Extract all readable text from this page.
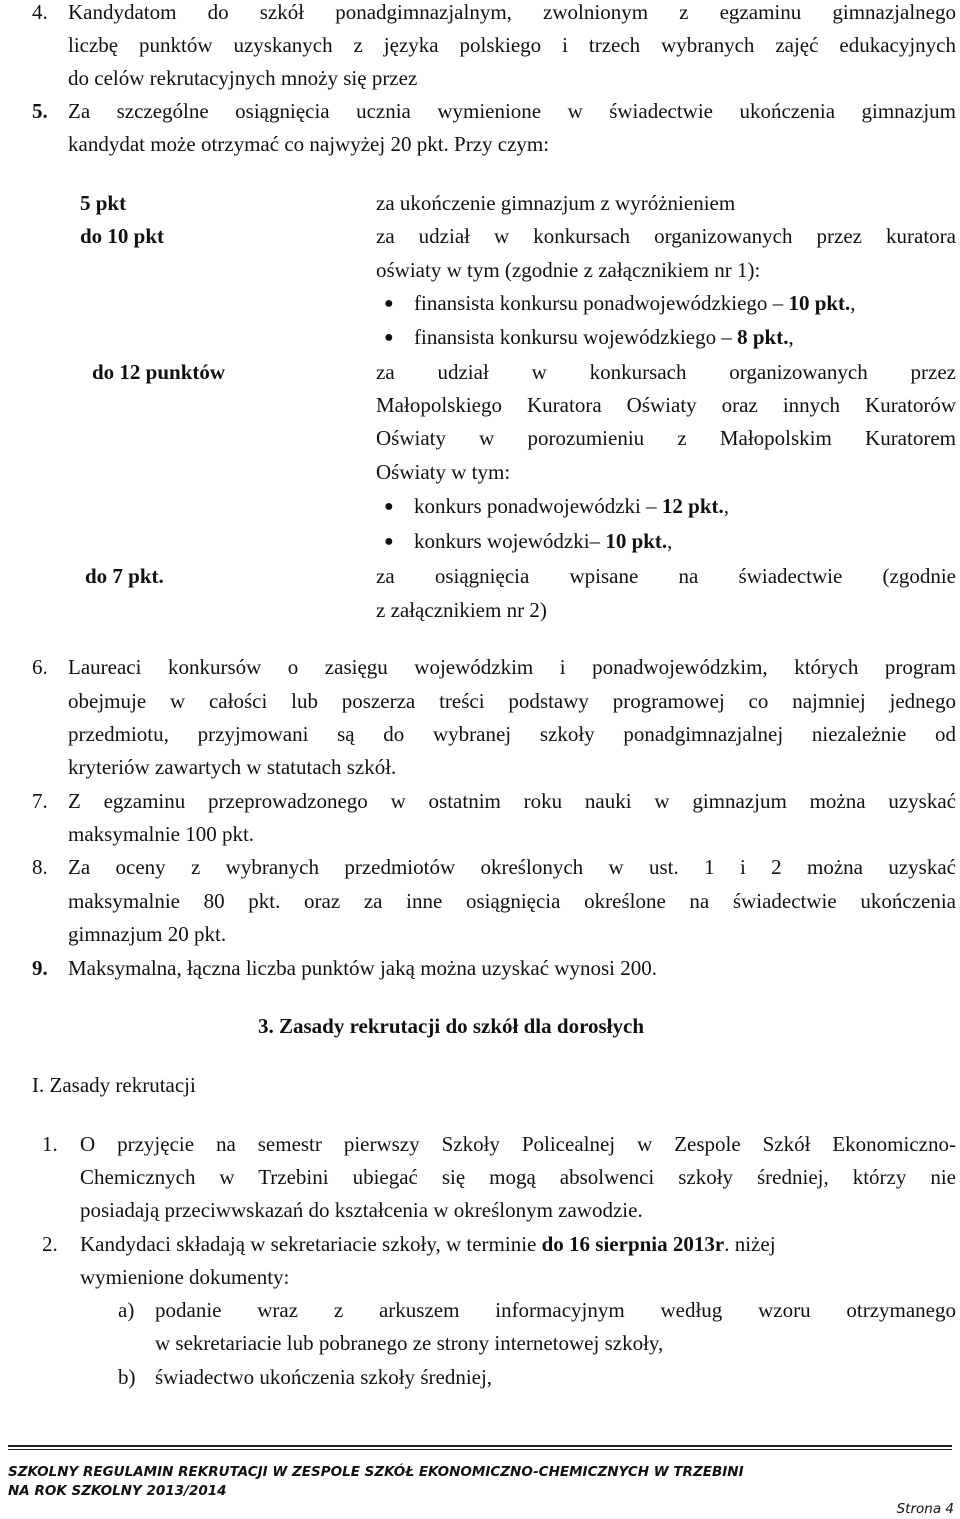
4. Kandydatom do szkół ponadgimnazjalnym, zwolnionym z egzaminu gimnazjalnego
liczbę punktów uzyskanych z języka polskiego i trzech wybranych zajęć edukacyjnych
do celów rekrutacyjnych mnoży się przez
5. Za szczególne osiągnięcia ucznia wymienione w świadectwie ukończenia gimnazjum
kandydat może otrzymać co najwyżej 20 pkt. Przy czym:
5 pkt	za ukończenie gimnazjum z wyróżnieniem
do 10 pkt	za udział w konkursach organizowanych przez kuratora
oświaty w tym (zgodnie z załącznikiem nr 1):
● finansista konkursu ponadwojewódzkiego – 10 pkt.,
● finansista konkursu wojewódzkiego – 8 pkt.,
do 12 punktów	za udział w konkursach organizowanych przez
Małopolskiego Kuratora Oświaty oraz innych Kuratorów
Oświaty w porozumieniu z Małopolskim Kuratorem
Oświaty w tym:
● konkurs ponadwojewódzki – 12 pkt.,
● konkurs wojewódzki– 10 pkt.,
do 7 pkt.	za osiągnięcia wpisane na świadectwie (zgodnie
z załącznikiem nr 2)
6. Laureaci konkursów o zasięgu wojewódzkim i ponadwojewódzkim, których program
obejmuje w całości lub poszerza treści podstawy programowej co najmniej jednego
przedmiotu, przyjmowani są do wybranej szkoły ponadgimnazjalnej niezależnie od
kryteriów zawartych w statutach szkół.
7. Z egzaminu przeprowadzonego w ostatnim roku nauki w gimnazjum można uzyskać
maksymalnie 100 pkt.
8. Za oceny z wybranych przedmiotów określonych w ust. 1 i 2 można uzyskać
maksymalnie 80 pkt. oraz za inne osiągnięcia określone na świadectwie ukończenia
gimnazjum 20 pkt.
9. Maksymalna, łączna liczba punktów jaką można uzyskać wynosi 200.
3. Zasady rekrutacji do szkół dla dorosłych
I. Zasady rekrutacji
1. O przyjęcie na semestr pierwszy Szkoły Policealnej w Zespole Szkół Ekonomiczno-
Chemicznych w Trzebini ubiegać się mogą absolwenci szkoły średniej, którzy nie
posiadają przeciwwskazań do kształcenia w określonym zawodzie.
2. Kandydaci składają w sekretariacie szkoły, w terminie do 16 sierpnia 2013r. niżej
wymienione dokumenty:
a) podanie wraz z arkuszem informacyjnym według wzoru otrzymanego
w sekretariacie lub pobranego ze strony internetowej szkoły,
b) świadectwo ukończenia szkoły średniej,
SZKOLNY REGULAMIN REKRUTACJI W ZESPOLE SZKÓŁ EKONOMICZNO-CHEMICZNYCH W TRZEBINI
NA ROK SZKOLNY 2013/2014
Strona 4
